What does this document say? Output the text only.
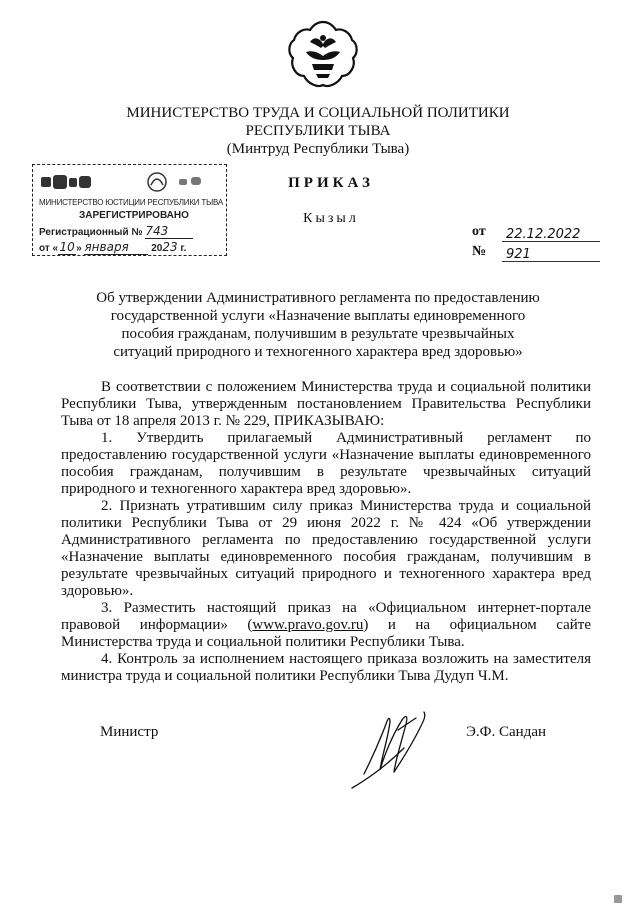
МИНИСТЕРСТВО ТРУДА И СОЦИАЛЬНОЙ ПОЛИТИКИ
РЕСПУБЛИКИ ТЫВА
(Минтруд Республики Тыва)
МИНИСТЕРСТВО ЮСТИЦИИ РЕСПУБЛИКИ ТЫВА
ЗАРЕГИСТРИРОВАНО
Регистрационный № 743
от «10» января 2023 г.
ПРИКАЗ
Кызыл
от 22.12.2022
№ 921
Об утверждении Административного регламента по предоставлению государственной услуги «Назначение выплаты единовременного пособия гражданам, получившим в результате чрезвычайных ситуаций природного и техногенного характера вред здоровью»

В соответствии с положением Министерства труда и социальной политики Республики Тыва, утвержденным постановлением Правительства Республики Тыва от 18 апреля 2013 г. № 229, ПРИКАЗЫВАЮ:

1. Утвердить прилагаемый Административный регламент по предоставлению государственной услуги «Назначение выплаты единовременного пособия гражданам, получившим в результате чрезвычайных ситуаций природного и техногенного характера вред здоровью».

2. Признать утратившим силу приказ Министерства труда и социальной политики Республики Тыва от 29 июня 2022 г. № 424 «Об утверждении Административного регламента по предоставлению государственной услуги «Назначение выплаты единовременного пособия гражданам, получившим в результате чрезвычайных ситуаций природного и техногенного характера вред здоровью».

3. Разместить настоящий приказ на «Официальном интернет-портале правовой информации» (www.pravo.gov.ru) и на официальном сайте Министерства труда и социальной политики Республики Тыва.

4. Контроль за исполнением настоящего приказа возложить на заместителя министра труда и социальной политики Республики Тыва Дудуп Ч.М.

Министр	Э.Ф. Сандан
